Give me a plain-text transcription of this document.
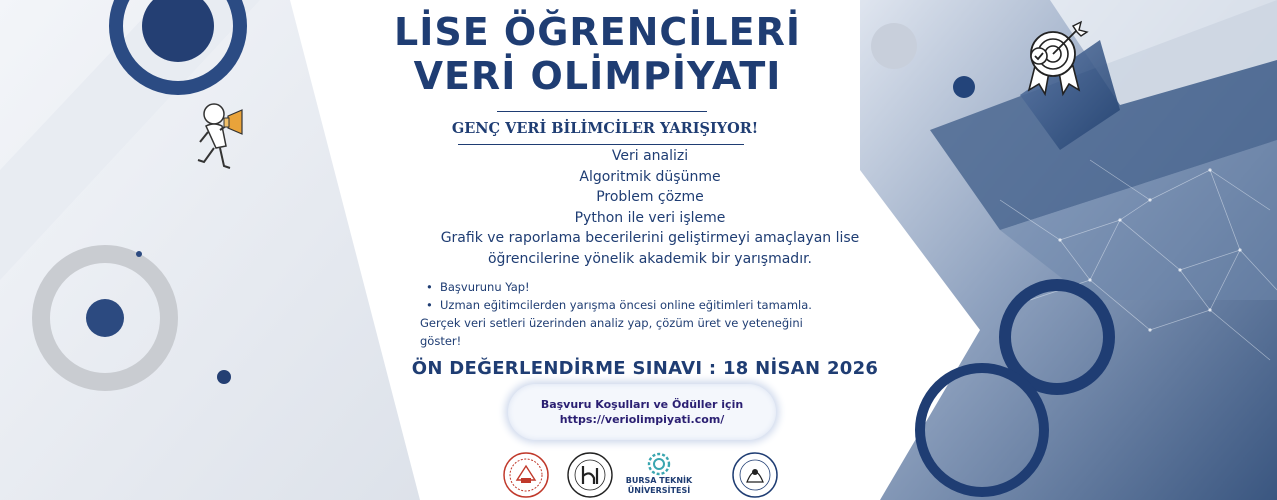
LİSE ÖĞRENCİLERİ
VERİ OLİMPİYATI
GENÇ VERİ BİLİMCİLER YARIŞIYOR!
Veri analizi
Algoritmik düşünme
Problem çözme
Python ile veri işleme
Grafik ve raporlama becerilerini geliştirmeyi amaçlayan lise
öğrencilerine yönelik akademik bir yarışmadır.
• Başvurunu Yap!
• Uzman eğitimcilerden yarışma öncesi online eğitimleri tamamla.
Gerçek veri setleri üzerinden analiz yap, çözüm üret ve yeteneğini
göster!
ÖN DEĞERLENDİRME SINAVI : 18 NİSAN 2026
Başvuru Koşulları ve Ödüller için
https://veriolimpiyati.com/
BURSA TEKNİK
ÜNİVERSİTESİ
